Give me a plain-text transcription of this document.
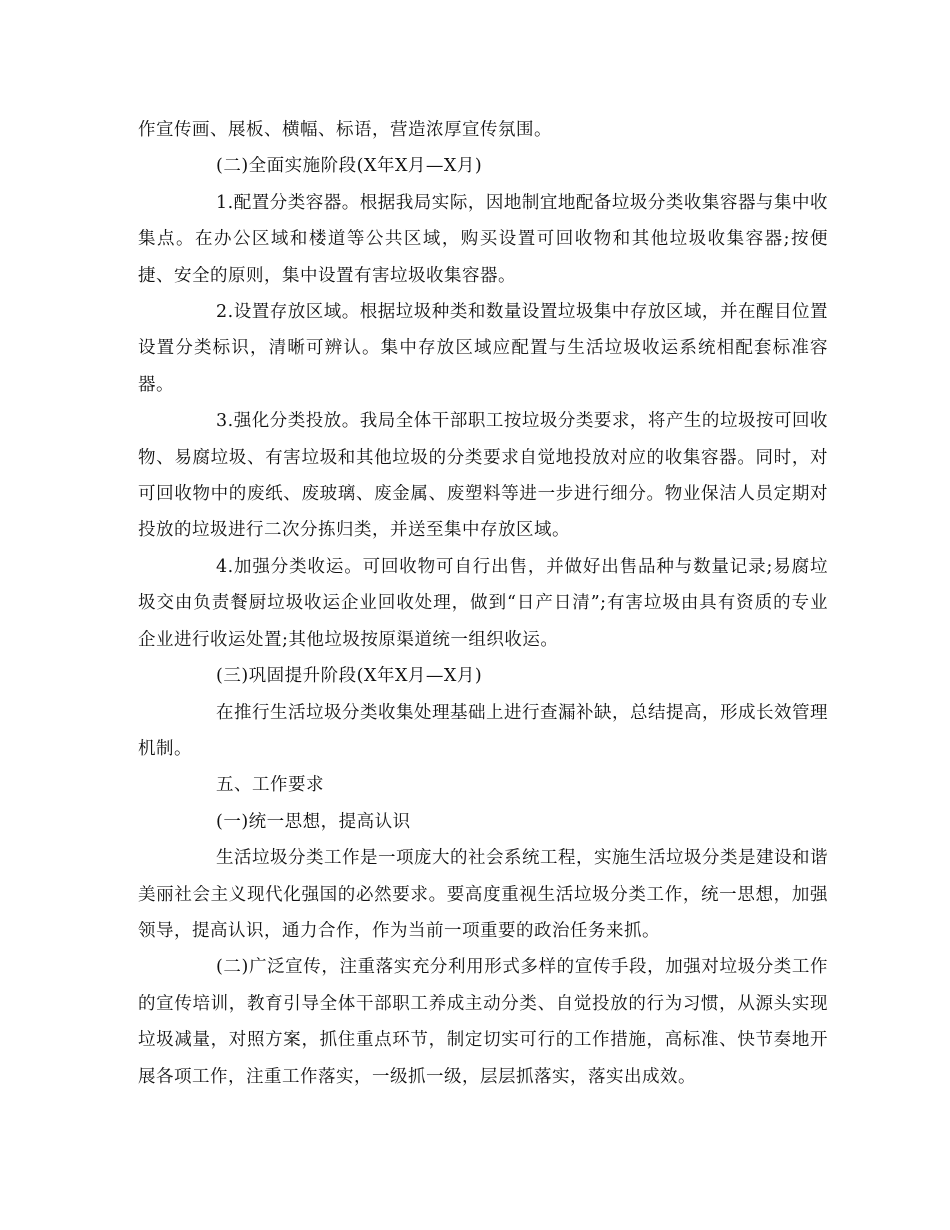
作宣传画、展板、横幅、标语，营造浓厚宣传氛围。

(二)全面实施阶段(X年X月—X月)

1.配置分类容器。根据我局实际，因地制宜地配备垃圾分类收集容器与集中收集点。在办公区域和楼道等公共区域，购买设置可回收物和其他垃圾收集容器;按便捷、安全的原则，集中设置有害垃圾收集容器。

2.设置存放区域。根据垃圾种类和数量设置垃圾集中存放区域，并在醒目位置设置分类标识，清晰可辨认。集中存放区域应配置与生活垃圾收运系统相配套标准容器。

3.强化分类投放。我局全体干部职工按垃圾分类要求，将产生的垃圾按可回收物、易腐垃圾、有害垃圾和其他垃圾的分类要求自觉地投放对应的收集容器。同时，对可回收物中的废纸、废玻璃、废金属、废塑料等进一步进行细分。物业保洁人员定期对投放的垃圾进行二次分拣归类，并送至集中存放区域。

4.加强分类收运。可回收物可自行出售，并做好出售品种与数量记录;易腐垃圾交由负责餐厨垃圾收运企业回收处理，做到“日产日清”;有害垃圾由具有资质的专业企业进行收运处置;其他垃圾按原渠道统一组织收运。

(三)巩固提升阶段(X年X月—X月)

在推行生活垃圾分类收集处理基础上进行查漏补缺，总结提高，形成长效管理机制。

五、工作要求

(一)统一思想，提高认识

生活垃圾分类工作是一项庞大的社会系统工程，实施生活垃圾分类是建设和谐美丽社会主义现代化强国的必然要求。要高度重视生活垃圾分类工作，统一思想，加强领导，提高认识，通力合作，作为当前一项重要的政治任务来抓。

(二)广泛宣传，注重落实充分利用形式多样的宣传手段，加强对垃圾分类工作的宣传培训，教育引导全体干部职工养成主动分类、自觉投放的行为习惯，从源头实现垃圾减量，对照方案，抓住重点环节，制定切实可行的工作措施，高标准、快节奏地开展各项工作，注重工作落实，一级抓一级，层层抓落实，落实出成效。
